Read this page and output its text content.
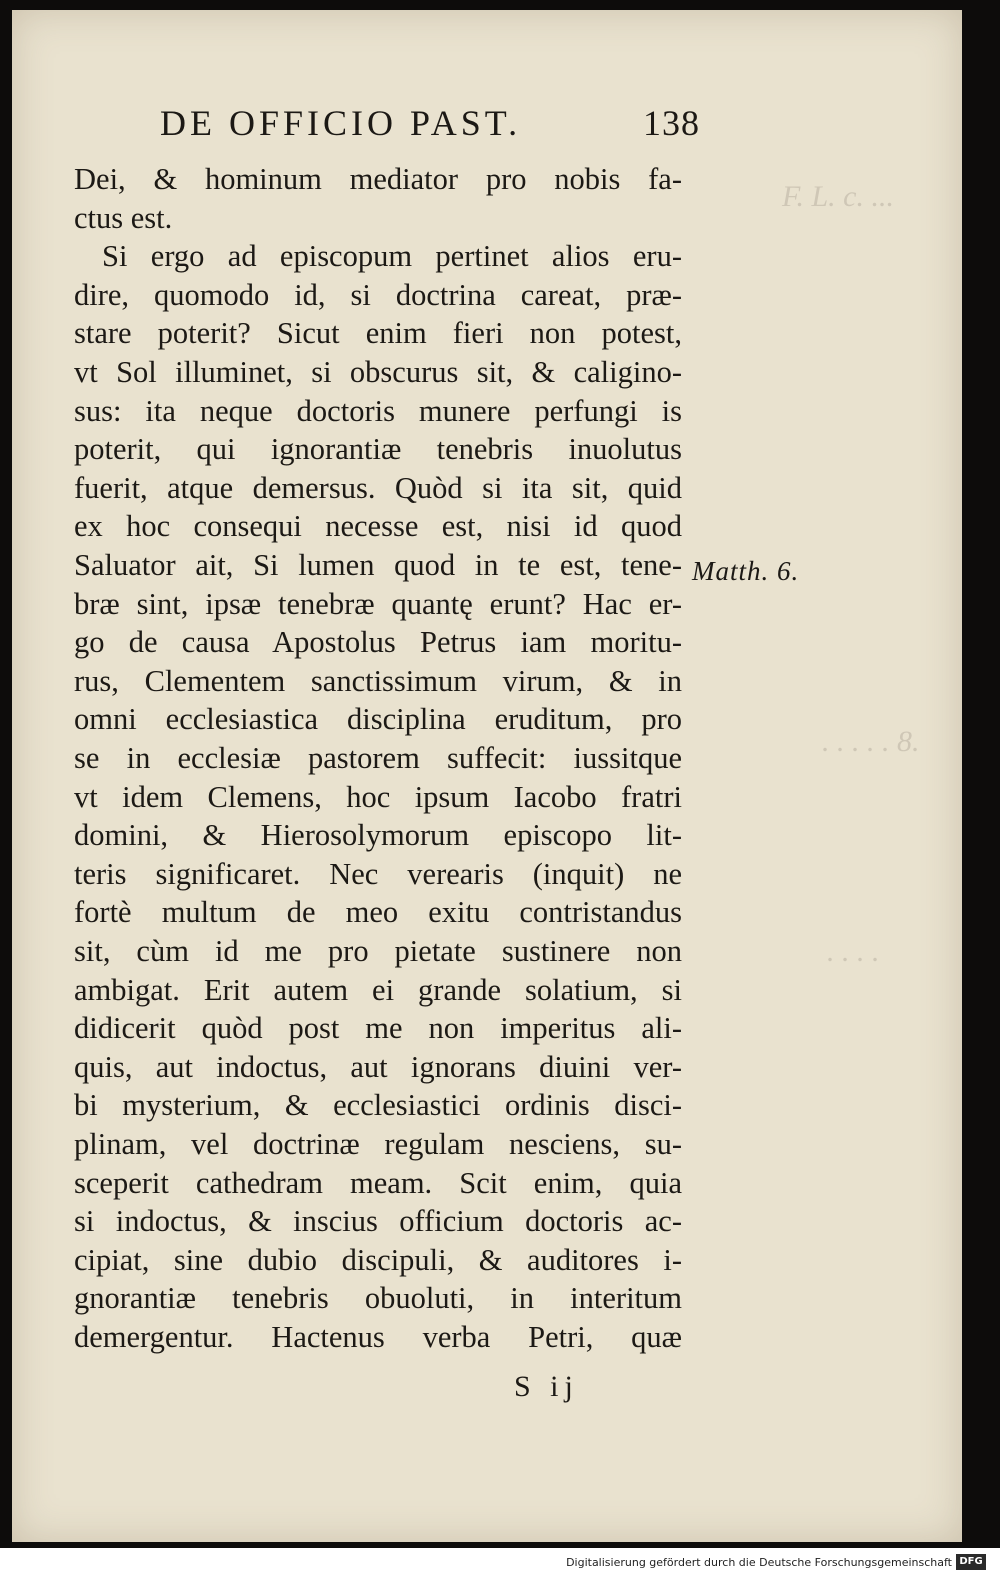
F. L. c. ...
. . . . . 8.
. . . .
DE OFFICIO PAST.	138
Dei, & hominum mediator pro nobis fa-
ctus est.
Si ergo ad episcopum pertinet alios eru-
dire, quomodo id, si doctrina careat, præ-
stare poterit? Sicut enim fieri non potest,
vt Sol illuminet, si obscurus sit, & caligino-
sus: ita neque doctoris munere perfungi is
poterit, qui ignorantiæ tenebris inuolutus
fuerit, atque demersus. Quòd si ita sit, quid
ex hoc consequi necesse est, nisi id quod
Saluator ait, Si lumen quod in te est, tene-
bræ sint, ipsæ tenebræ quantę erunt? Hac er-
go de causa Apostolus Petrus iam moritu-
rus, Clementem sanctissimum virum, & in
omni ecclesiastica disciplina eruditum, pro
se in ecclesiæ pastorem suffecit: iussitque
vt idem Clemens, hoc ipsum Iacobo fratri
domini, & Hierosolymorum episcopo lit-
teris significaret. Nec verearis (inquit) ne
fortè multum de meo exitu contristandus
sit, cùm id me pro pietate sustinere non
ambigat. Erit autem ei grande solatium, si
didicerit quòd post me non imperitus ali-
quis, aut indoctus, aut ignorans diuini ver-
bi mysterium, & ecclesiastici ordinis disci-
plinam, vel doctrinæ regulam nesciens, su-
sceperit cathedram meam. Scit enim, quia
si indoctus, & inscius officium doctoris ac-
cipiat, sine dubio discipuli, & auditores i-
gnorantiæ tenebris obuoluti, in interitum
demergentur. Hactenus verba Petri, quæ
Matth. 6.
S ij
Digitalisierung gefördert durch die Deutsche Forschungsgemeinschaft DFG
